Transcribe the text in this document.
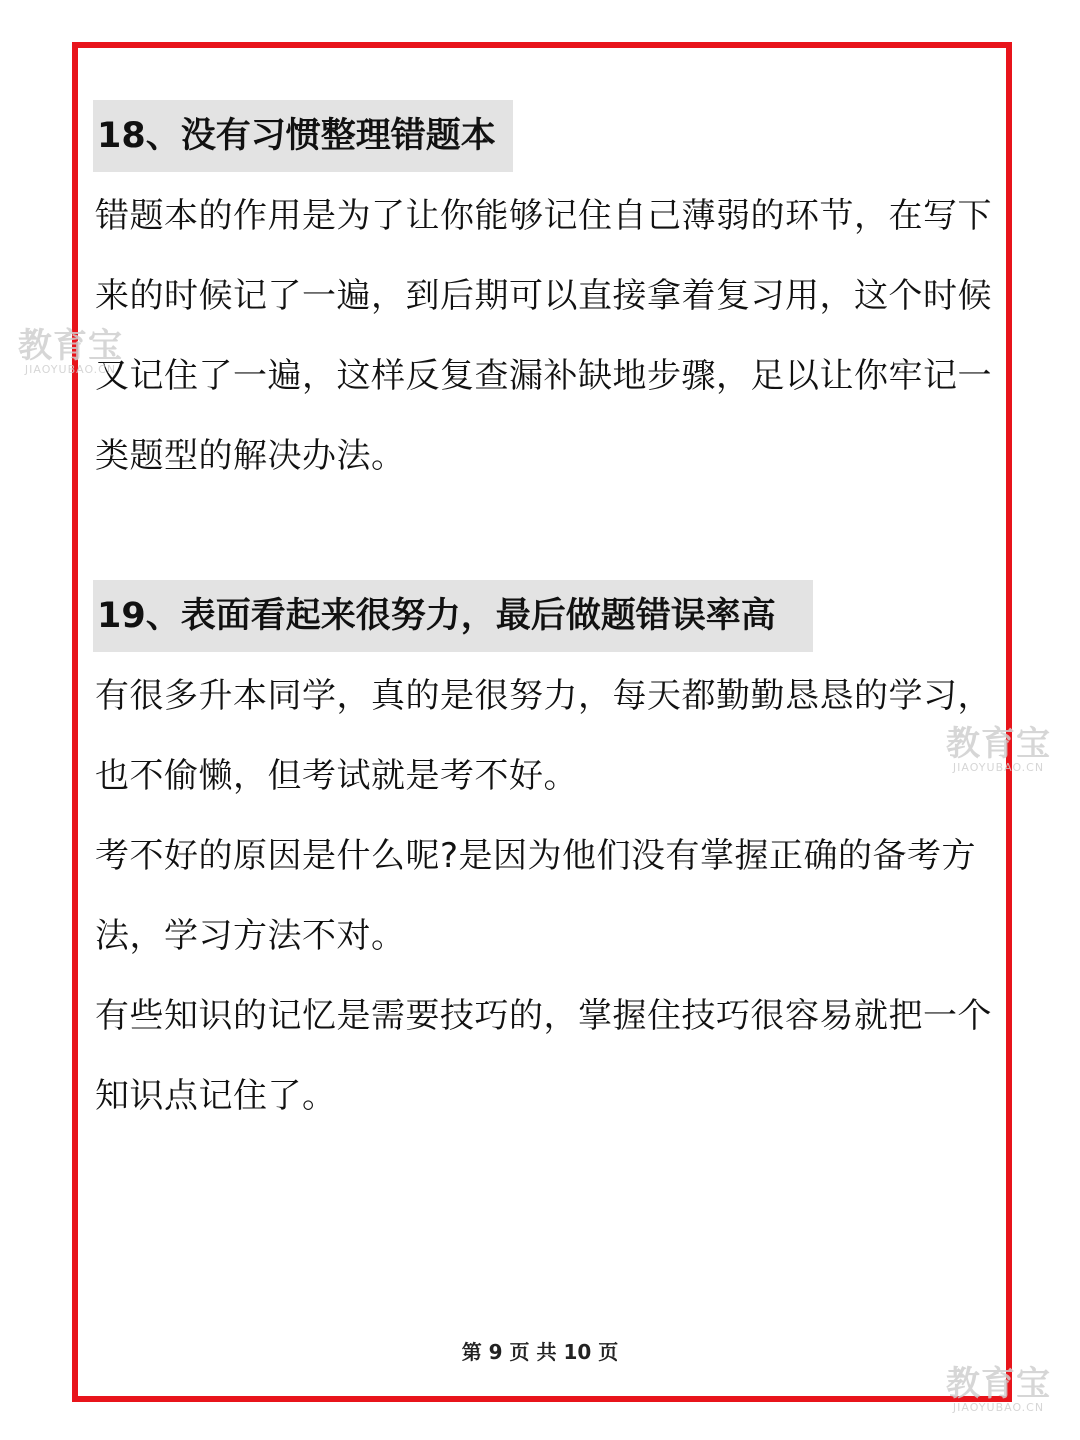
18、没有习惯整理错题本

错题本的作用是为了让你能够记住自己薄弱的环节，在写下来的时候记了一遍，到后期可以直接拿着复习用，这个时候又记住了一遍，这样反复查漏补缺地步骤，足以让你牢记一类题型的解决办法。

19、表面看起来很努力，最后做题错误率高

有很多升本同学，真的是很努力，每天都勤勤恳恳的学习，也不偷懒，但考试就是考不好。

考不好的原因是什么呢?是因为他们没有掌握正确的备考方法，学习方法不对。

有些知识的记忆是需要技巧的，掌握住技巧很容易就把一个知识点记住了。

第 9 页 共 10 页
教育宝
JIAOYUBAO.CN
教育宝
JIAOYUBAO.CN
教育宝
JIAOYUBAO.CN
